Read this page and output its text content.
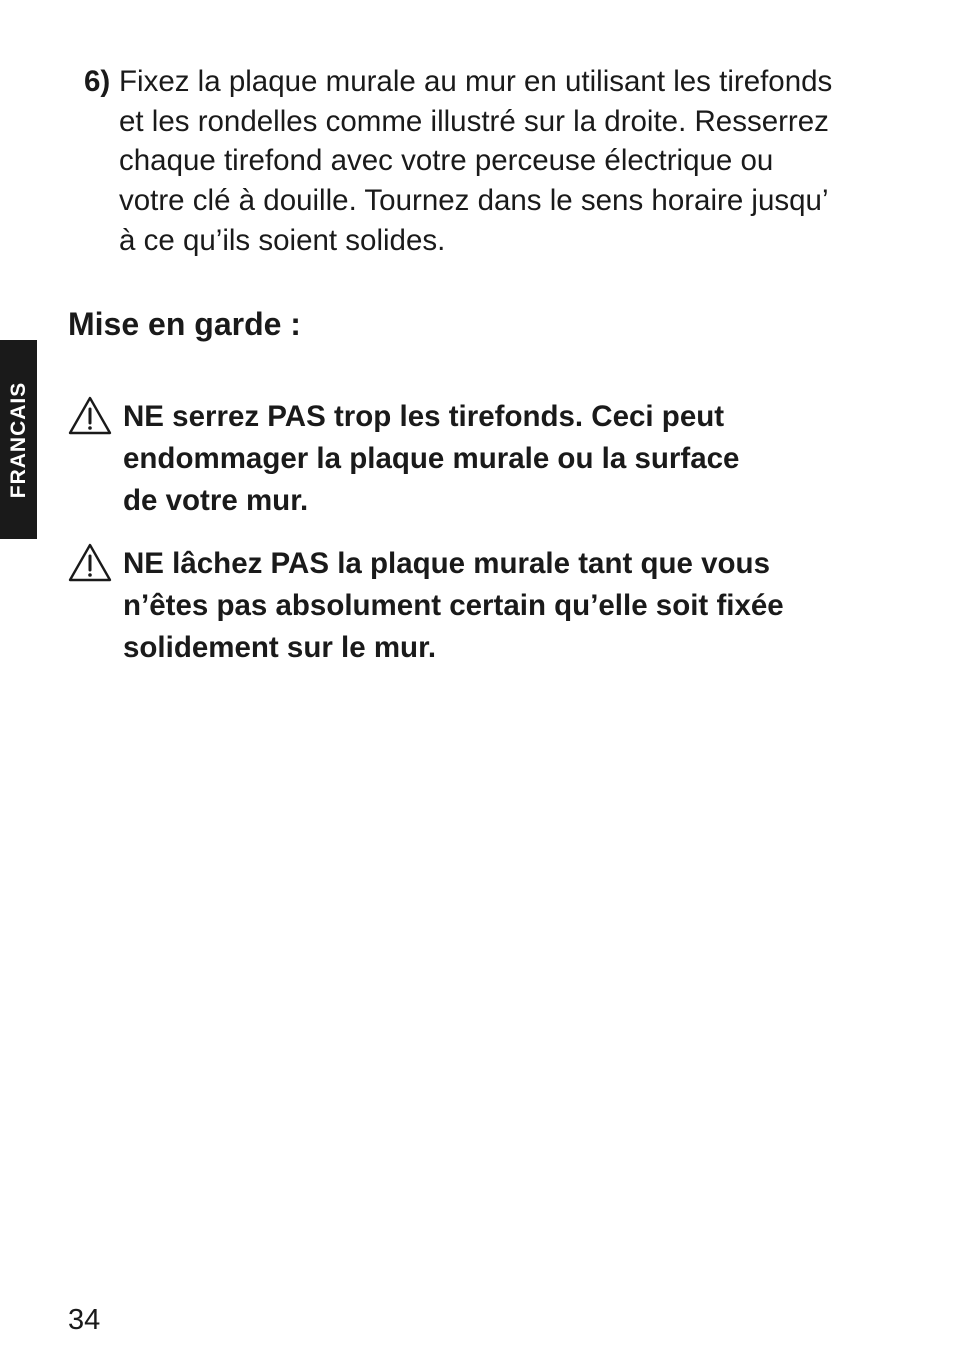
FRANCAIS
6) Fixez la plaque murale au mur en utilisant les tirefonds
et les rondelles comme illustré sur la droite. Resserrez
chaque tirefond avec votre perceuse électrique ou
votre clé à douille. Tournez dans le sens horaire jusqu’
à ce qu’ils soient solides.
Mise en garde :
NE serrez PAS trop les tirefonds. Ceci peut
endommager la plaque murale ou la surface
de votre mur.
NE lâchez PAS la plaque murale tant que vous
n’êtes pas absolument certain qu’elle soit fixée
solidement sur le mur.
34
